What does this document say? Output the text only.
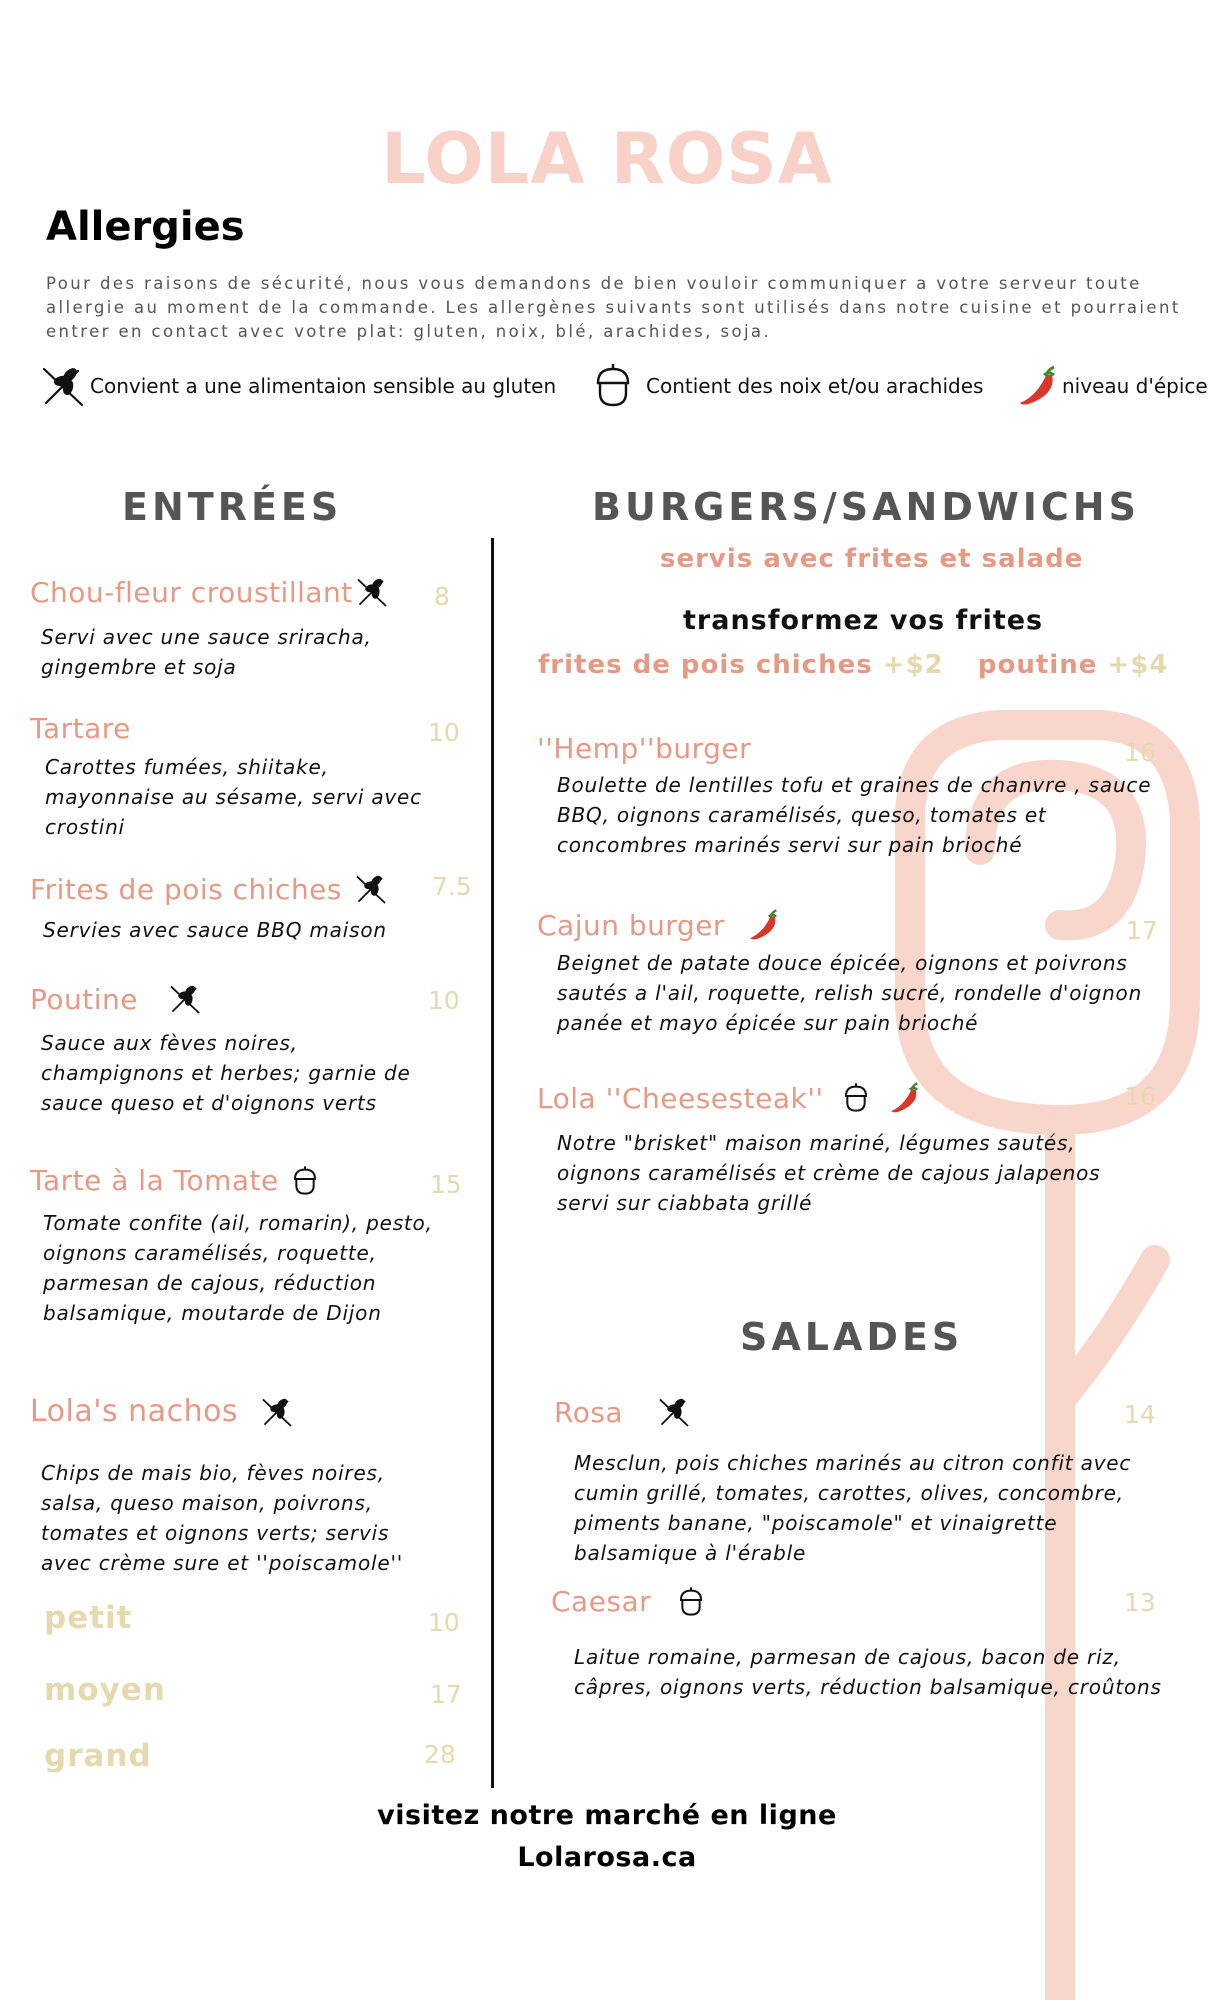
LOLA ROSA
Allergies
Pour des raisons de sécurité, nous vous demandons de bien vouloir communiquer a votre serveur toute
allergie au moment de la commande. Les allergènes suivants sont utilisés dans notre cuisine et pourraient
entrer en contact avec votre plat: gluten, noix, blé, arachides, soja.
Convient a une alimentaion sensible au gluten	Contient des noix et/ou arachides	niveau d'épice
ENTRÉES
Chou-fleur croustillant	8
Servi avec une sauce sriracha,
gingembre et soja
Tartare	10
Carottes fumées, shiitake,
mayonnaise au sésame, servi avec
crostini
Frites de pois chiches	7.5
Servies avec sauce BBQ maison
Poutine	10
Sauce aux fèves noires,
champignons et herbes; garnie de
sauce queso et d'oignons verts
Tarte à la Tomate	15
Tomate confite (ail, romarin), pesto,
oignons caramélisés, roquette,
parmesan de cajous, réduction
balsamique, moutarde de Dijon
Lola's nachos
Chips de mais bio, fèves noires,
salsa, queso maison, poivrons,
tomates et oignons verts; servis
avec crème sure et ''poiscamole''
petit	10
moyen	17
grand	28
BURGERS/SANDWICHS
servis avec frites et salade
transformez vos frites
frites de pois chiches +$2 poutine +$4
''Hemp''burger	16
Boulette de lentilles tofu et graines de chanvre , sauce
BBQ, oignons caramélisés, queso, tomates et
concombres marinés servi sur pain brioché
Cajun burger	17
Beignet de patate douce épicée, oignons et poivrons
sautés a l'ail, roquette, relish sucré, rondelle d'oignon
panée et mayo épicée sur pain brioché
Lola ''Cheesesteak''	16
Notre "brisket" maison mariné, légumes sautés,
oignons caramélisés et crème de cajous jalapenos
servi sur ciabbata grillé
SALADES
Rosa	14
Mesclun, pois chiches marinés au citron confit avec
cumin grillé, tomates, carottes, olives, concombre,
piments banane, "poiscamole" et vinaigrette
balsamique à l'érable
Caesar	13
Laitue romaine, parmesan de cajous, bacon de riz,
câpres, oignons verts, réduction balsamique, croûtons
visitez notre marché en ligne
Lolarosa.ca
